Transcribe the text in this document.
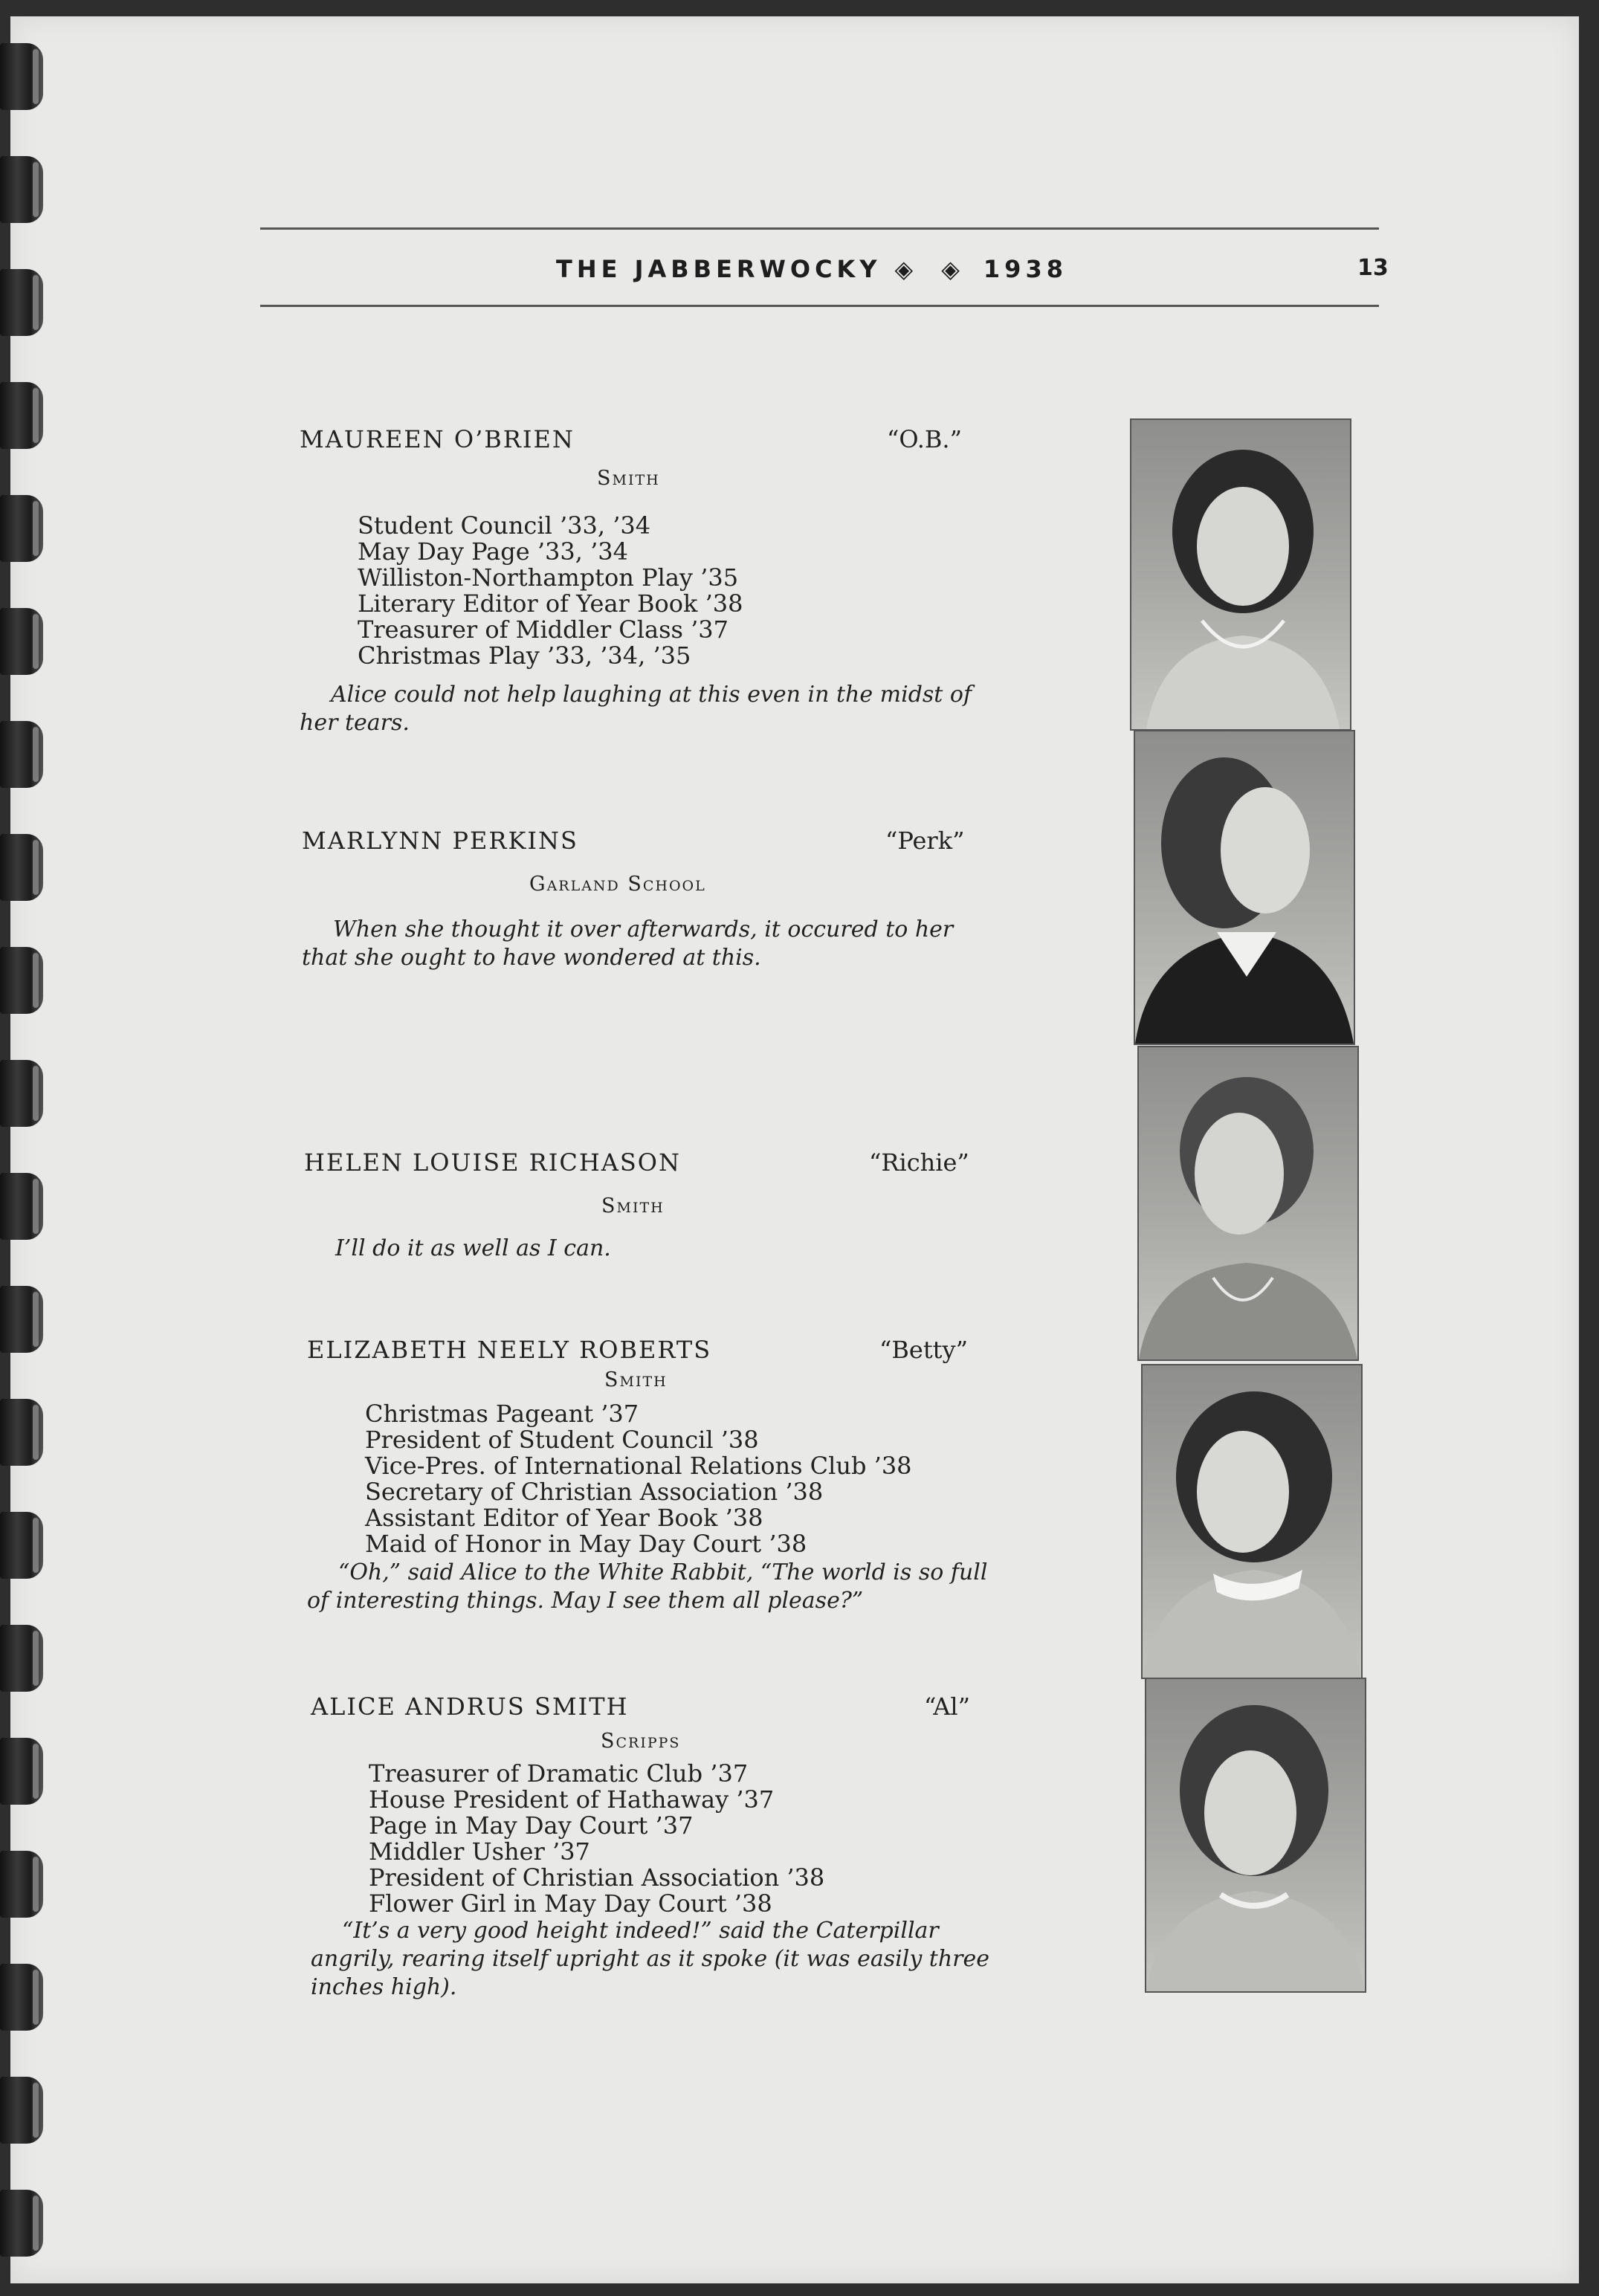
THE JABBERWOCKY ◈ ◈ 1938	13
MAUREEN O’BRIEN	“O.B.”
Smith
Student Council ’33, ’34
May Day Page ’33, ’34
Williston-Northampton Play ’35
Literary Editor of Year Book ’38
Treasurer of Middler Class ’37
Christmas Play ’33, ’34, ’35
Alice could not help laughing at this even in the midst of her tears.
MARLYNN PERKINS	“Perk”
Garland School
When she thought it over afterwards, it occured to her that she ought to have wondered at this.
HELEN LOUISE RICHASON	“Richie”
Smith
I’ll do it as well as I can.
ELIZABETH NEELY ROBERTS	“Betty”
Smith
Christmas Pageant ’37
President of Student Council ’38
Vice-Pres. of International Relations Club ’38
Secretary of Christian Association ’38
Assistant Editor of Year Book ’38
Maid of Honor in May Day Court ’38
“Oh,” said Alice to the White Rabbit, “The world is so full of interesting things. May I see them all please?”
ALICE ANDRUS SMITH	“Al”
Scripps
Treasurer of Dramatic Club ’37
House President of Hathaway ’37
Page in May Day Court ’37
Middler Usher ’37
President of Christian Association ’38
Flower Girl in May Day Court ’38
“It’s a very good height indeed!” said the Caterpillar angrily, rearing itself upright as it spoke (it was easily three inches high).
